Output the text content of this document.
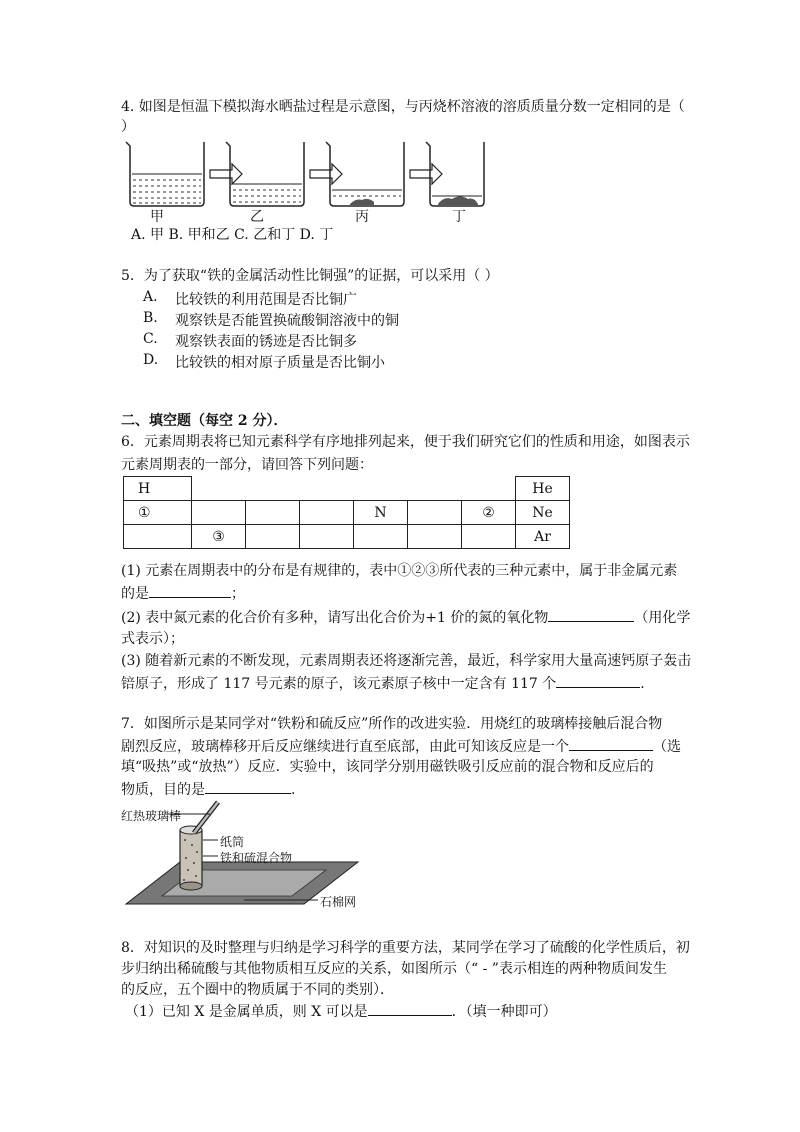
4. 如图是恒温下模拟海水晒盐过程是示意图，与丙烧杯溶液的溶质质量分数一定相同的是（
）
甲	乙	丙	丁
A. 甲 B. 甲和乙 C. 乙和丁 D. 丁
5．为了获取“铁的金属活动性比铜强”的证据，可以采用（ ）
A. 比较铁的利用范围是否比铜广
B. 观察铁是否能置换硫酸铜溶液中的铜
C. 观察铁表面的锈迹是否比铜多
D. 比较铁的相对原子质量是否比铜小
二、填空题（每空 2 分）．
6．元素周期表将已知元素科学有序地排列起来，便于我们研究它们的性质和用途，如图表示
元素周期表的一部分，请回答下列问题：
H							He
①				N		②	Ne
	③						Ar
(1) 元素在周期表中的分布是有规律的，表中①②③所代表的三种元素中，属于非金属元素
的是	；
(2) 表中氮元素的化合价有多种，请写出化合价为+1 价的氮的氧化物	（用化学
式表示）；
(3) 随着新元素的不断发现，元素周期表还将逐渐完善，最近，科学家用大量高速钙原子轰击
锫原子，形成了 117 号元素的原子，该元素原子核中一定含有 117 个	.
7．如图所示是某同学对“铁粉和硫反应”所作的改进实验．用烧红的玻璃棒接触后混合物
剧烈反应，玻璃棒移开后反应继续进行直至底部，由此可知该反应是一个	（选
填“吸热”或“放热”）反应．实验中，该同学分别用磁铁吸引反应前的混合物和反应后的
物质，目的是	.
红热玻璃棒
纸筒
铁和硫混合物
石棉网
8．对知识的及时整理与归纳是学习科学的重要方法，某同学在学习了硫酸的化学性质后，初
步归纳出稀硫酸与其他物质相互反应的关系，如图所示（“ - ”表示相连的两种物质间发生
的反应，五个圈中的物质属于不同的类别）．
（1）已知 X 是金属单质，则 X 可以是	．（填一种即可）
